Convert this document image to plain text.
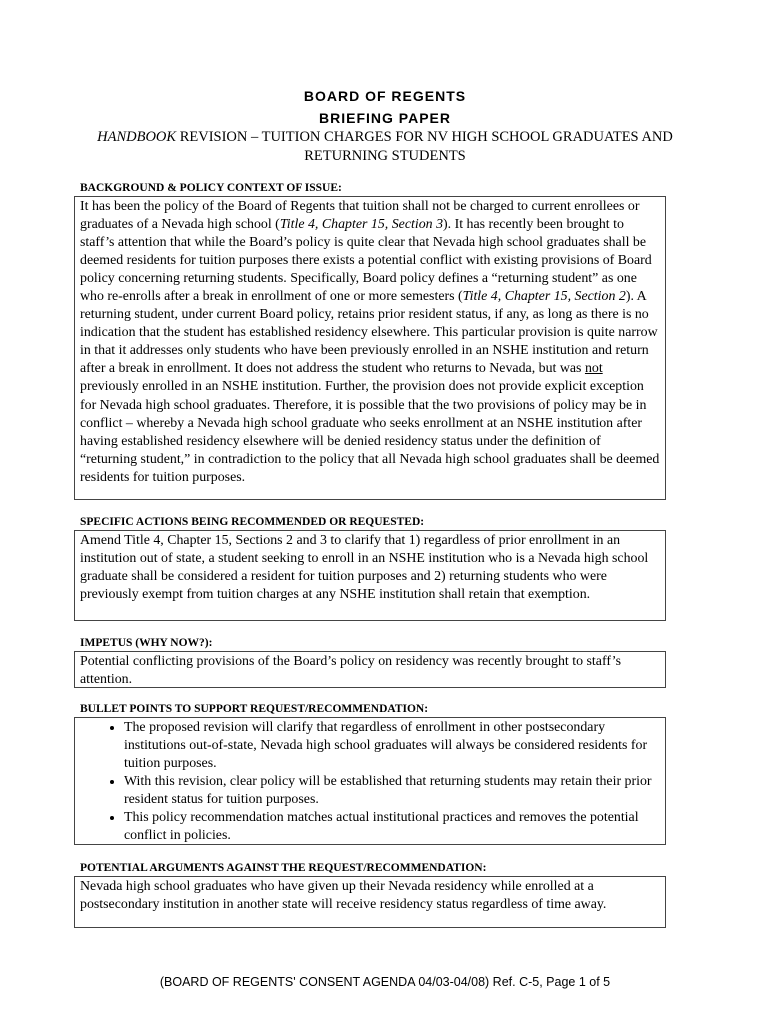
BOARD OF REGENTS
BRIEFING PAPER
HANDBOOK REVISION – TUITION CHARGES FOR NV HIGH SCHOOL GRADUATES AND RETURNING STUDENTS
BACKGROUND & POLICY CONTEXT OF ISSUE:

It has been the policy of the Board of Regents that tuition shall not be charged to current enrollees or graduates of a Nevada high school (Title 4, Chapter 15, Section 3). It has recently been brought to staff’s attention that while the Board’s policy is quite clear that Nevada high school graduates shall be deemed residents for tuition purposes there exists a potential conflict with existing provisions of Board policy concerning returning students. Specifically, Board policy defines a “returning student” as one who re-enrolls after a break in enrollment of one or more semesters (Title 4, Chapter 15, Section 2). A returning student, under current Board policy, retains prior resident status, if any, as long as there is no indication that the student has established residency elsewhere. This particular provision is quite narrow in that it addresses only students who have been previously enrolled in an NSHE institution and return after a break in enrollment. It does not address the student who returns to Nevada, but was not previously enrolled in an NSHE institution. Further, the provision does not provide explicit exception for Nevada high school graduates. Therefore, it is possible that the two provisions of policy may be in conflict – whereby a Nevada high school graduate who seeks enrollment at an NSHE institution after having established residency elsewhere will be denied residency status under the definition of “returning student,” in contradiction to the policy that all Nevada high school graduates shall be deemed residents for tuition purposes.

SPECIFIC ACTIONS BEING RECOMMENDED OR REQUESTED:

Amend Title 4, Chapter 15, Sections 2 and 3 to clarify that 1) regardless of prior enrollment in an institution out of state, a student seeking to enroll in an NSHE institution who is a Nevada high school graduate shall be considered a resident for tuition purposes and 2) returning students who were previously exempt from tuition charges at any NSHE institution shall retain that exemption.

IMPETUS (WHY NOW?):

Potential conflicting provisions of the Board’s policy on residency was recently brought to staff’s attention.

BULLET POINTS TO SUPPORT REQUEST/RECOMMENDATION:
• The proposed revision will clarify that regardless of enrollment in other postsecondary institutions out-of-state, Nevada high school graduates will always be considered residents for tuition purposes.
• With this revision, clear policy will be established that returning students may retain their prior resident status for tuition purposes.
• This policy recommendation matches actual institutional practices and removes the potential conflict in policies.
POTENTIAL ARGUMENTS AGAINST THE REQUEST/RECOMMENDATION:

Nevada high school graduates who have given up their Nevada residency while enrolled at a postsecondary institution in another state will receive residency status regardless of time away.

(BOARD OF REGENTS' CONSENT AGENDA 04/03-04/08) Ref. C-5, Page 1 of 5
